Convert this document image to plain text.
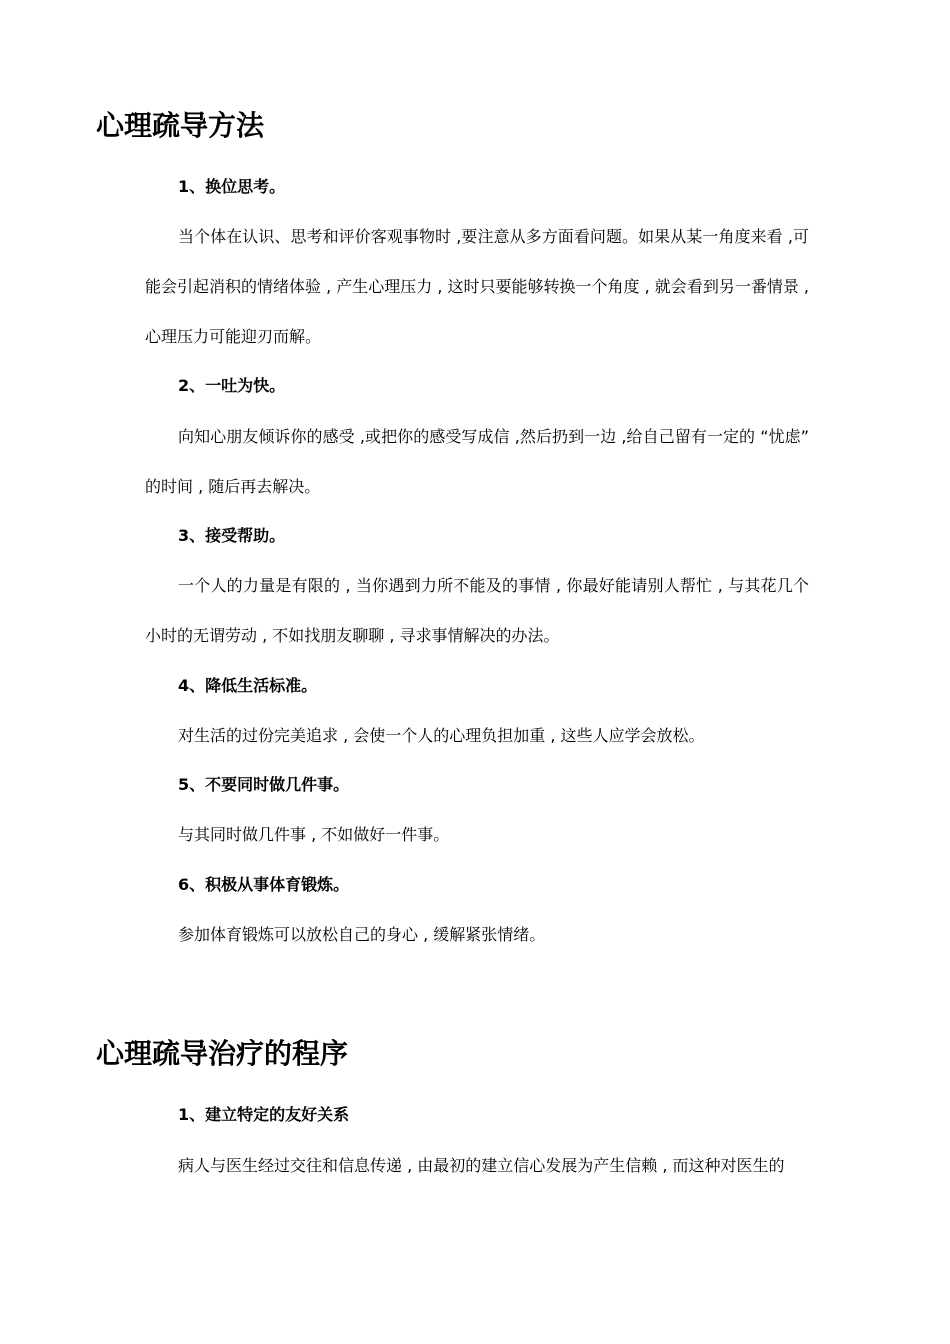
心理疏导方法
1、换位思考。
当个体在认识、思考和评价客观事物时 ,要注意从多方面看问题。如果从某一角度来看 ,可能会引起消积的情绪体验 , 产生心理压力 , 这时只要能够转换一个角度 , 就会看到另一番情景 , 心理压力可能迎刃而解。
2、一吐为快。
向知心朋友倾诉你的感受 ,或把你的感受写成信 ,然后扔到一边 ,给自己留有一定的 “忧虑” 的时间 , 随后再去解决。
3、接受帮助。
一个人的力量是有限的 , 当你遇到力所不能及的事情 , 你最好能请别人帮忙 , 与其花几个小时的无谓劳动 , 不如找朋友聊聊 , 寻求事情解决的办法。
4、降低生活标准。
对生活的过份完美追求 , 会使一个人的心理负担加重 , 这些人应学会放松。
5、不要同时做几件事。
与其同时做几件事 , 不如做好一件事。
6、积极从事体育锻炼。
参加体育锻炼可以放松自己的身心 , 缓解紧张情绪。
心理疏导治疗的程序
1、建立特定的友好关系
病人与医生经过交往和信息传递 , 由最初的建立信心发展为产生信赖 , 而这种对医生的
